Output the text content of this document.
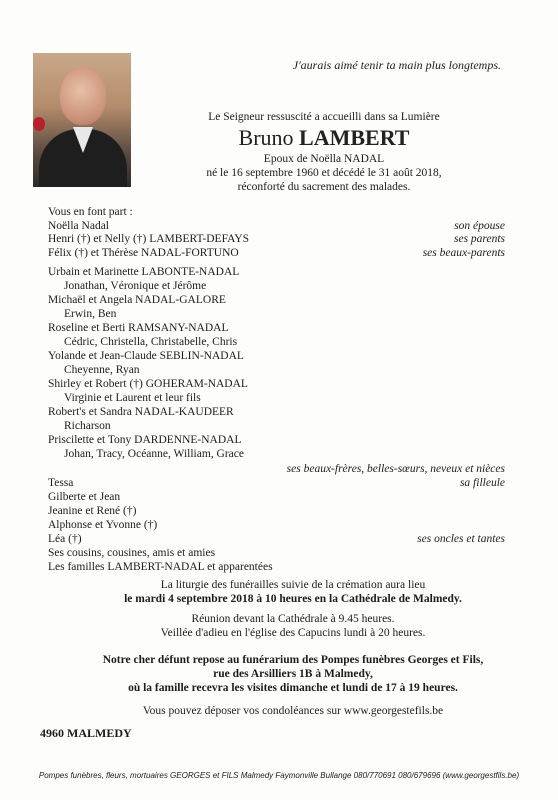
J'aurais aimé tenir ta main plus longtemps.
Le Seigneur ressuscité a accueilli dans sa Lumière
Bruno LAMBERT
Epoux de Noëlla NADAL
né le 16 septembre 1960 et décédé le 31 août 2018,
réconforté du sacrement des malades.
Vous en font part :
Noëlla Nadal
Henri (†) et Nelly (†) LAMBERT-DEFAYS
Félix (†) et Thérèse NADAL-FORTUNO
son épouse
ses parents
ses beaux-parents
Urbain et Marinette LABONTE-NADAL
Jonathan, Véronique et Jérôme
Michaël et Angela NADAL-GALORE
Erwin, Ben
Roseline et Berti RAMSANY-NADAL
Cédric, Christella, Christabelle, Chris
Yolande et Jean-Claude SEBLIN-NADAL
Cheyenne, Ryan
Shirley et Robert (†) GOHERAM-NADAL
Virginie et Laurent et leur fils
Robert's et Sandra NADAL-KAUDEER
Richarson
Priscilette et Tony DARDENNE-NADAL
Johan, Tracy, Océanne, William, Grace
ses beaux-frères, belles-sœurs, neveux et nièces
Tessa	sa filleule
Gilberte et Jean
Jeanine et René (†)
Alphonse et Yvonne (†)
Léa (†)	ses oncles et tantes
Ses cousins, cousines, amis et amies
Les familles LAMBERT-NADAL et apparentées
La liturgie des funérailles suivie de la crémation aura lieu
le mardi 4 septembre 2018 à 10 heures en la Cathédrale de Malmedy.
Réunion devant la Cathédrale à 9.45 heures.
Veillée d'adieu en l'église des Capucins lundi à 20 heures.
Notre cher défunt repose au funérarium des Pompes funèbres Georges et Fils,
rue des Arsilliers 1B à Malmedy,
où la famille recevra les visites dimanche et lundi de 17 à 19 heures.
Vous pouvez déposer vos condoléances sur www.georgestefils.be
4960 MALMEDY
Pompes funèbres, fleurs, mortuaires GEORGES et FILS Malmedy Faymonville Bullange 080/770691 080/679696 (www.georgestfils.be)
